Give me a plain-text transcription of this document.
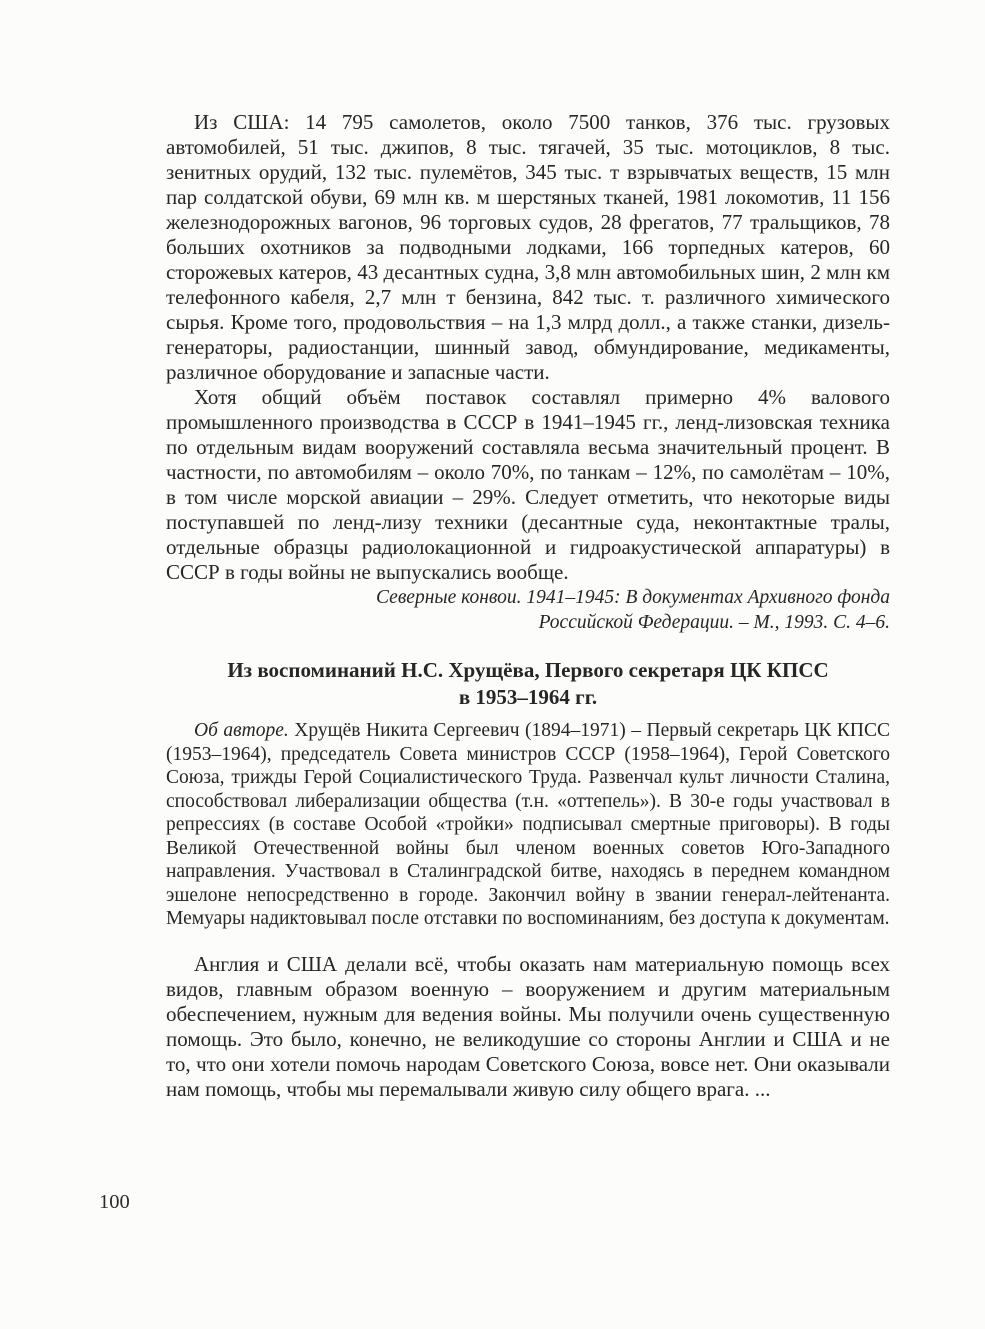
Из США: 14 795 самолетов, около 7500 танков, 376 тыс. грузовых автомобилей, 51 тыс. джипов, 8 тыс. тягачей, 35 тыс. мотоциклов, 8 тыс. зенитных орудий, 132 тыс. пулемётов, 345 тыс. т взрывчатых веществ, 15 млн пар солдатской обуви, 69 млн кв. м шерстяных тканей, 1981 локомотив, 11 156 железнодорожных вагонов, 96 торговых судов, 28 фрегатов, 77 тральщиков, 78 больших охотников за подводными лодками, 166 торпедных катеров, 60 сторожевых катеров, 43 десантных судна, 3,8 млн автомобильных шин, 2 млн км телефонного кабеля, 2,7 млн т бензина, 842 тыс. т. различного химического сырья. Кроме того, продовольствия – на 1,3 млрд долл., а также станки, дизель-генераторы, радиостанции, шинный завод, обмундирование, медикаменты, различное оборудование и запасные части.

Хотя общий объём поставок составлял примерно 4% валового промышленного производства в СССР в 1941–1945 гг., ленд-лизовская техника по отдельным видам вооружений составляла весьма значительный процент. В частности, по автомобилям – около 70%, по танкам – 12%, по самолётам – 10%, в том числе морской авиации – 29%. Следует отметить, что некоторые виды поступавшей по ленд-лизу техники (десантные суда, неконтактные тралы, отдельные образцы радиолокационной и гидроакустической аппаратуры) в СССР в годы войны не выпускались вообще.

Северные конвои. 1941–1945: В документах Архивного фонда
Российской Федерации. – М., 1993. С. 4–6.

Из воспоминаний Н.С. Хрущёва, Первого секретаря ЦК КПСС
в 1953–1964 гг.

Об авторе. Хрущёв Никита Сергеевич (1894–1971) – Первый секретарь ЦК КПСС (1953–1964), председатель Совета министров СССР (1958–1964), Герой Советского Союза, трижды Герой Социалистического Труда. Развенчал культ личности Сталина, способствовал либерализации общества (т.н. «оттепель»). В 30-е годы участвовал в репрессиях (в составе Особой «тройки» подписывал смертные приговоры). В годы Великой Отечественной войны был членом военных советов Юго-Западного направления. Участвовал в Сталинградской битве, находясь в переднем командном эшелоне непосредственно в городе. Закончил войну в звании генерал-лейтенанта. Мемуары надиктовывал после отставки по воспоминаниям, без доступа к документам.

Англия и США делали всё, чтобы оказать нам материальную помощь всех видов, главным образом военную – вооружением и другим материальным обеспечением, нужным для ведения войны. Мы получили очень существенную помощь. Это было, конечно, не великодушие со стороны Англии и США и не то, что они хотели помочь народам Советского Союза, вовсе нет. Они оказывали нам помощь, чтобы мы перемалывали живую силу общего врага. ...

100
